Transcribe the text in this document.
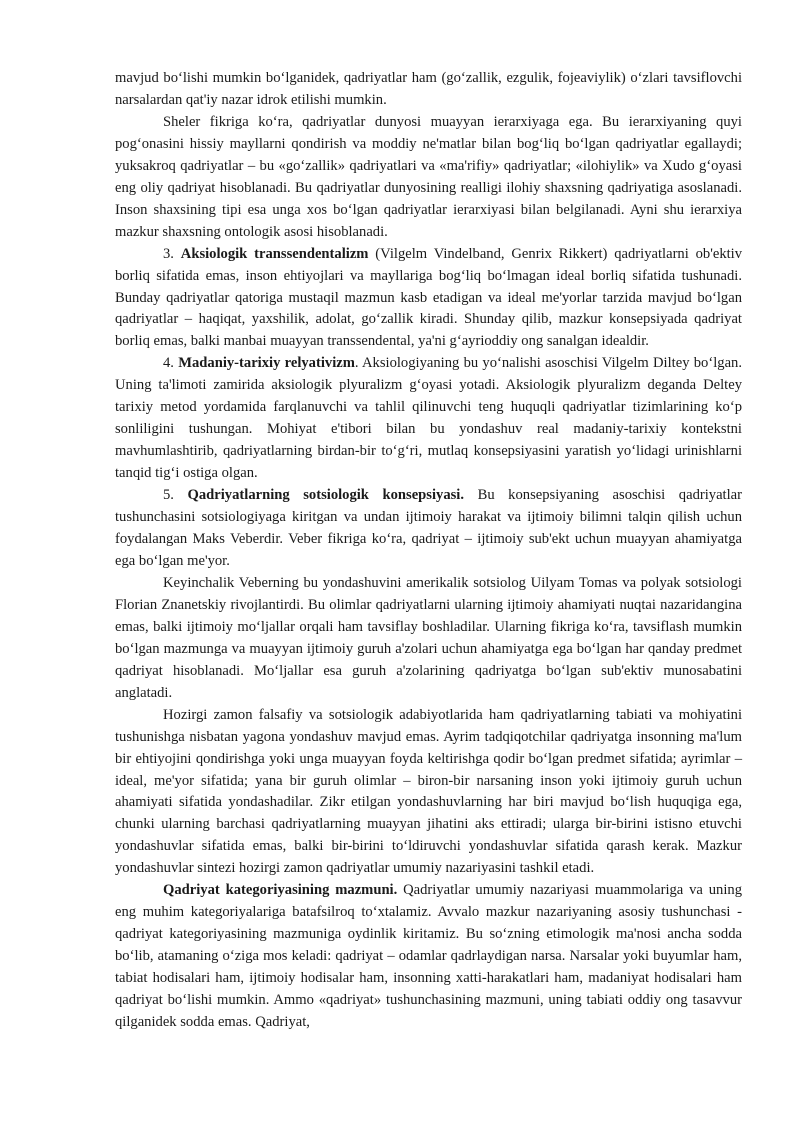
mavjud boʻlishi mumkin boʻlganidek, qadriyatlar ham (goʻzallik, ezgulik, fojeaviylik) oʻzlari tavsiflovchi narsalardan qat'iy nazar idrok etilishi mumkin.

Sheler fikriga koʻra, qadriyatlar dunyosi muayyan ierarxiyaga ega. Bu ierarxiyaning quyi pogʻonasini hissiy mayllarni qondirish va moddiy ne'matlar bilan bogʻliq boʻlgan qadriyatlar egallaydi; yuksakroq qadriyatlar – bu «goʻzallik» qadriyatlari va «ma'rifiy» qadriyatlar; «ilohiylik» va Xudo gʻoyasi eng oliy qadriyat hisoblanadi. Bu qadriyatlar dunyosining realligi ilohiy shaxsning qadriyatiga asoslanadi. Inson shaxsining tipi esa unga xos boʻlgan qadriyatlar ierarxiyasi bilan belgilanadi. Ayni shu ierarxiya mazkur shaxsning ontologik asosi hisoblanadi.

3. Aksiologik transsendentalizm (Vilgelm Vindelband, Genrix Rikkert) qadriyatlarni ob'ektiv borliq sifatida emas, inson ehtiyojlari va mayllariga bogʻliq boʻlmagan ideal borliq sifatida tushunadi. Bunday qadriyatlar qatoriga mustaqil mazmun kasb etadigan va ideal me'yorlar tarzida mavjud boʻlgan qadriyatlar – haqiqat, yaxshilik, adolat, goʻzallik kiradi. Shunday qilib, mazkur konsepsiyada qadriyat borliq emas, balki manbai muayyan transsendental, ya'ni gʻayrioddiy ong sanalgan idealdir.

4. Madaniy-tarixiy relyativizm. Aksiologiyaning bu yoʻnalishi asoschisi Vilgelm Diltey boʻlgan. Uning ta'limoti zamirida aksiologik plyuralizm gʻoyasi yotadi. Aksiologik plyuralizm deganda Deltey tarixiy metod yordamida farqlanuvchi va tahlil qilinuvchi teng huquqli qadriyatlar tizimlarining koʻp sonliligini tushungan. Mohiyat e'tibori bilan bu yondashuv real madaniy-tarixiy kontekstni mavhumlashtirib, qadriyatlarning birdan-bir toʻgʻri, mutlaq konsepsiyasini yaratish yoʻlidagi urinishlarni tanqid tigʻi ostiga olgan.

5. Qadriyatlarning sotsiologik konsepsiyasi. Bu konsepsiyaning asoschisi qadriyatlar tushunchasini sotsiologiyaga kiritgan va undan ijtimoiy harakat va ijtimoiy bilimni talqin qilish uchun foydalangan Maks Veberdir. Veber fikriga koʻra, qadriyat – ijtimoiy sub'ekt uchun muayyan ahamiyatga ega boʻlgan me'yor.

Keyinchalik Veberning bu yondashuvini amerikalik sotsiolog Uilyam Tomas va polyak sotsiologi Florian Znanetskiy rivojlantirdi. Bu olimlar qadriyatlarni ularning ijtimoiy ahamiyati nuqtai nazaridangina emas, balki ijtimoiy moʻljallar orqali ham tavsiflay boshladilar. Ularning fikriga koʻra, tavsiflash mumkin boʻlgan mazmunga va muayyan ijtimoiy guruh a'zolari uchun ahamiyatga ega boʻlgan har qanday predmet qadriyat hisoblanadi. Moʻljallar esa guruh a'zolarining qadriyatga boʻlgan sub'ektiv munosabatini anglatadi.

Hozirgi zamon falsafiy va sotsiologik adabiyotlarida ham qadriyatlarning tabiati va mohiyatini tushunishga nisbatan yagona yondashuv mavjud emas. Ayrim tadqiqotchilar qadriyatga insonning ma'lum bir ehtiyojini qondirishga yoki unga muayyan foyda keltirishga qodir boʻlgan predmet sifatida; ayrimlar – ideal, me'yor sifatida; yana bir guruh olimlar – biron-bir narsaning inson yoki ijtimoiy guruh uchun ahamiyati sifatida yondashadilar. Zikr etilgan yondashuvlarning har biri mavjud boʻlish huquqiga ega, chunki ularning barchasi qadriyatlarning muayyan jihatini aks ettiradi; ularga bir-birini istisno etuvchi yondashuvlar sifatida emas, balki bir-birini toʻldiruvchi yondashuvlar sifatida qarash kerak. Mazkur yondashuvlar sintezi hozirgi zamon qadriyatlar umumiy nazariyasini tashkil etadi.

Qadriyat kategoriyasining mazmuni. Qadriyatlar umumiy nazariyasi muammolariga va uning eng muhim kategoriyalariga batafsilroq toʻxtalamiz. Avvalo mazkur nazariyaning asosiy tushunchasi - qadriyat kategoriyasining mazmuniga oydinlik kiritamiz. Bu soʻzning etimologik ma'nosi ancha sodda boʻlib, atamaning oʻziga mos keladi: qadriyat – odamlar qadrlaydigan narsa. Narsalar yoki buyumlar ham, tabiat hodisalari ham, ijtimoiy hodisalar ham, insonning xatti-harakatlari ham, madaniyat hodisalari ham qadriyat boʻlishi mumkin. Ammo «qadriyat» tushunchasining mazmuni, uning tabiati oddiy ong tasavvur qilganidek sodda emas. Qadriyat,
